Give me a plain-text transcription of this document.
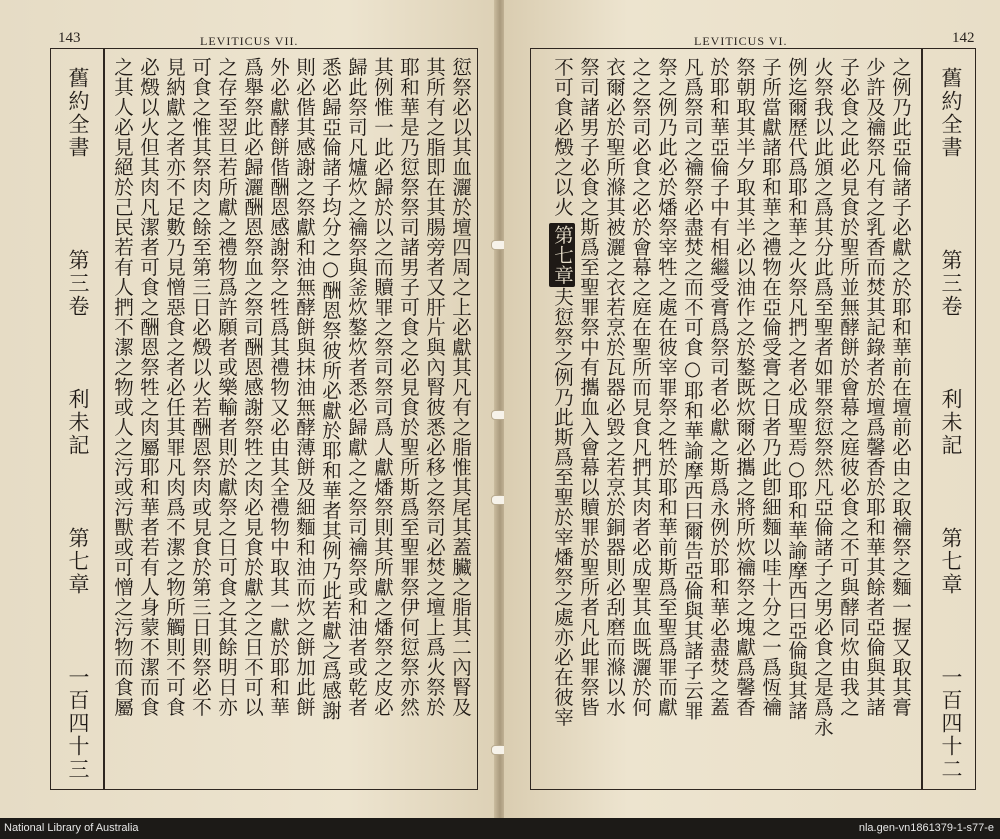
143	LEVITICUS VII.
愆祭必以其血灑於壇四周之上必獻其凡有之脂惟其尾其蓋臟之脂其二內腎及
其所有之脂即在其腸旁者又肝片與內腎彼悉必移之祭司必焚之壇上爲火祭於
耶和華是乃愆祭祭司諸男子可食之必見食於聖所斯爲至聖罪祭伊何愆祭亦然
其例惟一此必歸於以之而贖罪之祭司祭司爲人獻燔祭則其所獻之燔祭之皮必
歸此祭司凡爐炊之禴祭與釜炊鏊炊者悉必歸獻之之祭司禴祭或和油者或乾者
悉必歸亞倫諸子均分之○酬恩祭彼所必獻於耶和華者其例乃此若獻之爲感謝
則必偕其感謝之祭獻和油無酵餅與抹油無酵薄餅及細麵和油而炊之餅加此餅
外必獻酵餅偕酬恩感謝祭之牲爲其禮物又必由其全禮物中取其一獻於耶和華
爲舉祭此必歸灑酬恩祭血之祭司酬恩感謝祭牲之肉必見食於獻之之日不可以
之存至翌旦若所獻之禮物爲許願者或樂輸者則於獻祭之日可食之其餘明日亦
可食之惟其祭肉之餘至第三日必燬以火若酬恩祭肉或見食於第三日則祭必不
見納獻之者亦不足數乃見憎惡食之者必任其罪凡肉爲不潔之物所觸則不可食
必燬以火但其肉凡潔者可食之酬恩祭牲之肉屬耶和華者若有人身蒙不潔而食
之其人必見絕於己民若有人捫不潔之物或人之污或污獸或可憎之污物而食屬
舊約全書第三卷利未記第七章一百四十三
LEVITICUS VI.	142
之例乃此亞倫諸子必獻之於耶和華前在壇前必由之取禴祭之麵一握又取其膏
少許及禴祭凡有之乳香而焚其記錄者於壇爲馨香於耶和華其餘者亞倫與其諸
子必食之此必見食於聖所並無酵餅於會幕之庭彼必食之不可與酵同炊由我之
火祭我以此頒之爲其分此爲至聖者如罪祭愆祭然凡亞倫諸子之男必食之是爲永
例迄爾歷代爲耶和華之火祭凡捫之者必成聖焉○耶和華諭摩西曰亞倫與其諸
子所當獻諸耶和華之禮物在亞倫受膏之日者乃此卽細麵以哇十分之一爲恆禴
祭朝取其半夕取其半必以油作之於鏊既炊爾必攜之將所炊禴祭之塊獻爲馨香
於耶和華亞倫子中有相繼受膏爲祭司者必獻之斯爲永例於耶和華必盡焚之蓋
凡爲祭司之禴祭必盡焚之而不可食○耶和華諭摩西曰爾告亞倫與其諸子云罪
祭之例乃此必於燔祭宰牲之處在彼宰罪祭之牲於耶和華前斯爲至聖爲罪而獻
之之祭司必食之必於會幕之庭在聖所而見食凡捫其肉者必成聖其血既灑於何
衣爾必於聖所滌其被灑之衣若烹於瓦器必毀之若烹於銅器則必刮磨而滌以水
祭司諸男子必食之斯爲至聖罪祭中有攜血入會幕以贖罪於聖所者凡此罪祭皆
不可食必燬之以火第七章夫愆祭之例乃此斯爲至聖於宰燔祭之處亦必在彼宰
舊約全書第三卷利未記第七章一百四十二
National Library of Australia	nla.gen-vn1861379-1-s77-e
